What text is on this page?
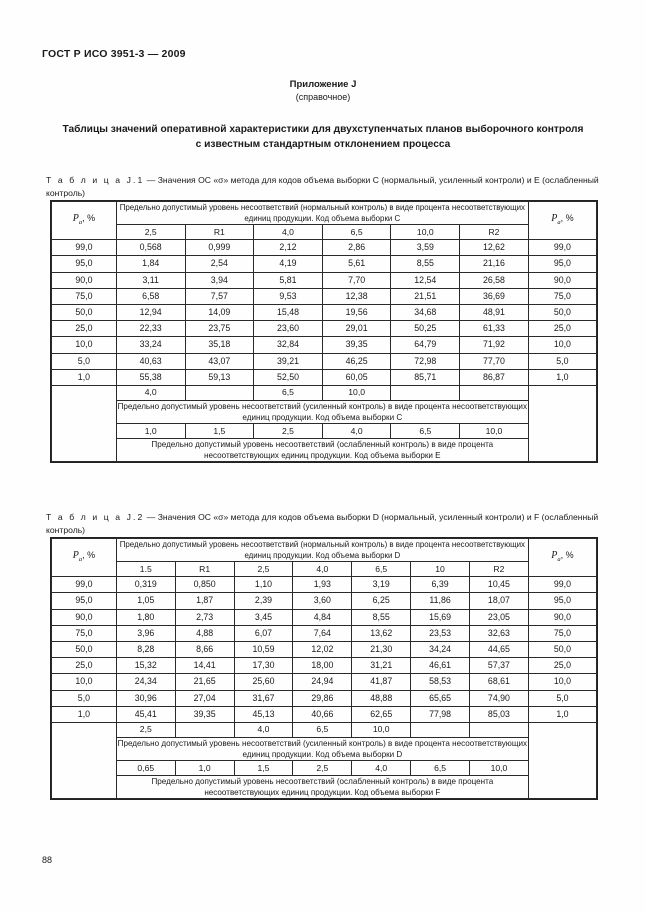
ГОСТ Р ИСО 3951-3 — 2009
Приложение J
(справочное)
Таблицы значений оперативной характеристики для двухступенчатых планов выборочного контроля с известным стандартным отклонением процесса
Т а б л и ц а J.1 — Значения ОС «σ» метода для кодов объема выборки C (нормальный, усиленный контроли) и E (ослабленный контроль)
$P_a$, %	Предельно допустимый уровень несоответствий (нормальный контроль) в виде процента несоответствующих единиц продукции. Код объема выборки C						$P_a$, %
	2,5	R1	4,0	6,5	10,0	R2	
99,0	0,568	0,999	2,12	2,86	3,59	12,62	99,0
95,0	1,84	2,54	4,19	5,61	8,55	21,16	95,0
90,0	3,11	3,94	5,81	7,70	12,54	26,58	90,0
75,0	6,58	7,57	9,53	12,38	21,51	36,69	75,0
50,0	12,94	14,09	15,48	19,56	34,68	48,91	50,0
25,0	22,33	23,75	23,60	29,01	50,25	61,33	25,0
10,0	33,24	35,18	32,84	39,35	64,79	71,92	10,0
5,0	40,63	43,07	39,21	46,25	72,98	77,70	5,0
1,0	55,38	59,13	52,50	60,05	85,71	86,87	1,0
	4,0		6,5	10,0			
	Предельно допустимый уровень несоответствий (усиленный контроль) в виде процента несоответствующих единиц продукции. Код объема выборки C						
	1,0	1,5	2,5	4,0	6,5	10,0	
	Предельно допустимый уровень несоответствий (ослабленный контроль) в виде процента несоответствующих единиц продукции. Код объема выборки E						
Т а б л и ц а J.2 — Значения ОС «σ» метода для кодов объема выборки D (нормальный, усиленный контроли) и F (ослабленный контроль)
$P_a$, %	Предельно допустимый уровень несоответствий (нормальный контроль) в виде процента несоответствующих единиц продукции. Код объема выборки D							$P_a$, %
	1.5	R1	2,5	4,0	6,5	10	R2	
99,0	0,319	0,850	1,10	1,93	3,19	6,39	10,45	99,0
95,0	1,05	1,87	2,39	3,60	6,25	11,86	18,07	95,0
90,0	1,80	2,73	3,45	4,84	8,55	15,69	23,05	90,0
75,0	3,96	4,88	6,07	7,64	13,62	23,53	32,63	75,0
50,0	8,28	8,66	10,59	12,02	21,30	34,24	44,65	50,0
25,0	15,32	14,41	17,30	18,00	31,21	46,61	57,37	25,0
10,0	24,34	21,65	25,60	24,94	41,87	58,53	68,61	10,0
5,0	30,96	27,04	31,67	29,86	48,88	65,65	74,90	5,0
1,0	45,41	39,35	45,13	40,66	62,65	77,98	85,03	1,0
	2,5		4,0	6,5	10,0			
	Предельно допустимый уровень несоответствий (усиленный контроль) в виде процента несоответствующих единиц продукции. Код объема выборки D							
	0,65	1,0	1,5	2,5	4,0	6,5	10,0	
	Предельно допустимый уровень несоответствий (ослабленный контроль) в виде процента несоответствующих единиц продукции. Код объема выборки F							
88
